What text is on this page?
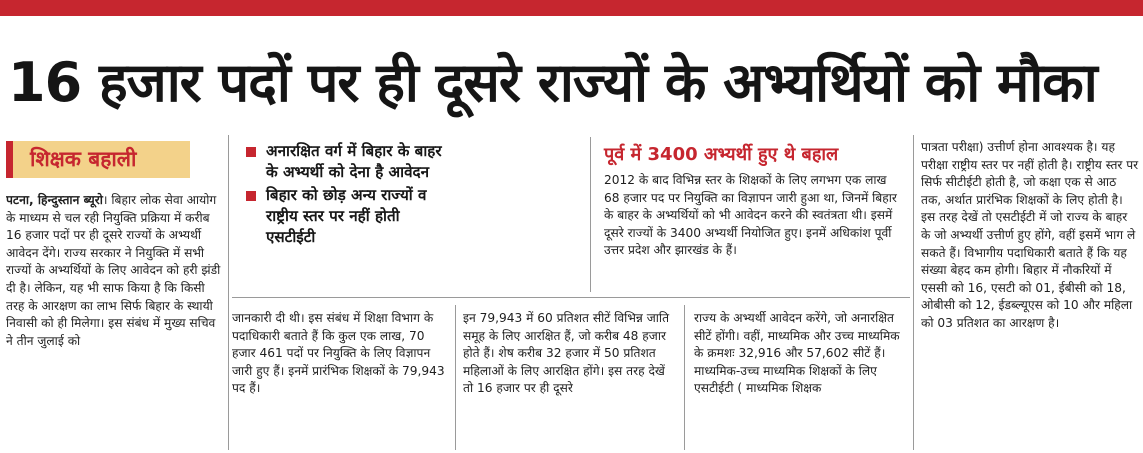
16 हजार पदों पर ही दूसरे राज्यों के अभ्यर्थियों को मौका
शिक्षक बहाली

पटना, हिन्दुस्तान ब्यूरो। बिहार लोक सेवा आयोग के माध्यम से चल रही नियुक्ति प्रक्रिया में करीब 16 हजार पदों पर ही दूसरे राज्यों के अभ्यर्थी आवेदन देंगे। राज्य सरकार ने नियुक्ति में सभी राज्यों के अभ्यर्थियों के लिए आवेदन को हरी झंडी दी है। लेकिन, यह भी साफ किया है कि किसी तरह के आरक्षण का लाभ सिर्फ बिहार के स्थायी निवासी को ही मिलेगा। इस संबंध में मुख्य सचिव ने तीन जुलाई को

अनारक्षित वर्ग में बिहार के बाहर के अभ्यर्थी को देना है आवेदन
बिहार को छोड़ अन्य राज्यों व राष्ट्रीय स्तर पर नहीं होती एसटीईटी
पूर्व में 3400 अभ्यर्थी हुए थे बहाल

2012 के बाद विभिन्न स्तर के शिक्षकों के लिए लगभग एक लाख 68 हजार पद पर नियुक्ति का विज्ञापन जारी हुआ था, जिनमें बिहार के बाहर के अभ्यर्थियों को भी आवेदन करने की स्वतंत्रता थी। इसमें दूसरे राज्यों के 3400 अभ्यर्थी नियोजित हुए। इनमें अधिकांश पूर्वी उत्तर प्रदेश और झारखंड के हैं।

जानकारी दी थी। इस संबंध में शिक्षा विभाग के पदाधिकारी बताते हैं कि कुल एक लाख, 70 हजार 461 पदों पर नियुक्ति के लिए विज्ञापन जारी हुए हैं। इनमें प्रारंभिक शिक्षकों के 79,943 पद हैं।

इन 79,943 में 60 प्रतिशत सीटें विभिन्न जाति समूह के लिए आरक्षित हैं, जो करीब 48 हजार होते हैं। शेष करीब 32 हजार में 50 प्रतिशत महिलाओं के लिए आरक्षित होंगे। इस तरह देखें तो 16 हजार पर ही दूसरे

राज्य के अभ्यर्थी आवेदन करेंगे, जो अनारक्षित सीटें होंगी। वहीं, माध्यमिक और उच्च माध्यमिक के क्रमशः 32,916 और 57,602 सीटें हैं। माध्यमिक-उच्च माध्यमिक शिक्षकों के लिए एसटीईटी ( माध्यमिक शिक्षक

पात्रता परीक्षा) उत्तीर्ण होना आवश्यक है। यह परीक्षा राष्ट्रीय स्तर पर नहीं होती है। राष्ट्रीय स्तर पर सिर्फ सीटीईटी होती है, जो कक्षा एक से आठ तक, अर्थात प्रारंभिक शिक्षकों के लिए होती है। इस तरह देखें तो एसटीईटी में जो राज्य के बाहर के जो अभ्यर्थी उत्तीर्ण हुए होंगे, वहीं इसमें भाग ले सकते हैं। विभागीय पदाधिकारी बताते हैं कि यह संख्या बेहद कम होगी। बिहार में नौकरियों में एससी को 16, एसटी को 01, ईबीसी को 18, ओबीसी को 12, ईडब्ल्यूएस को 10 और महिला को 03 प्रतिशत का आरक्षण है।
